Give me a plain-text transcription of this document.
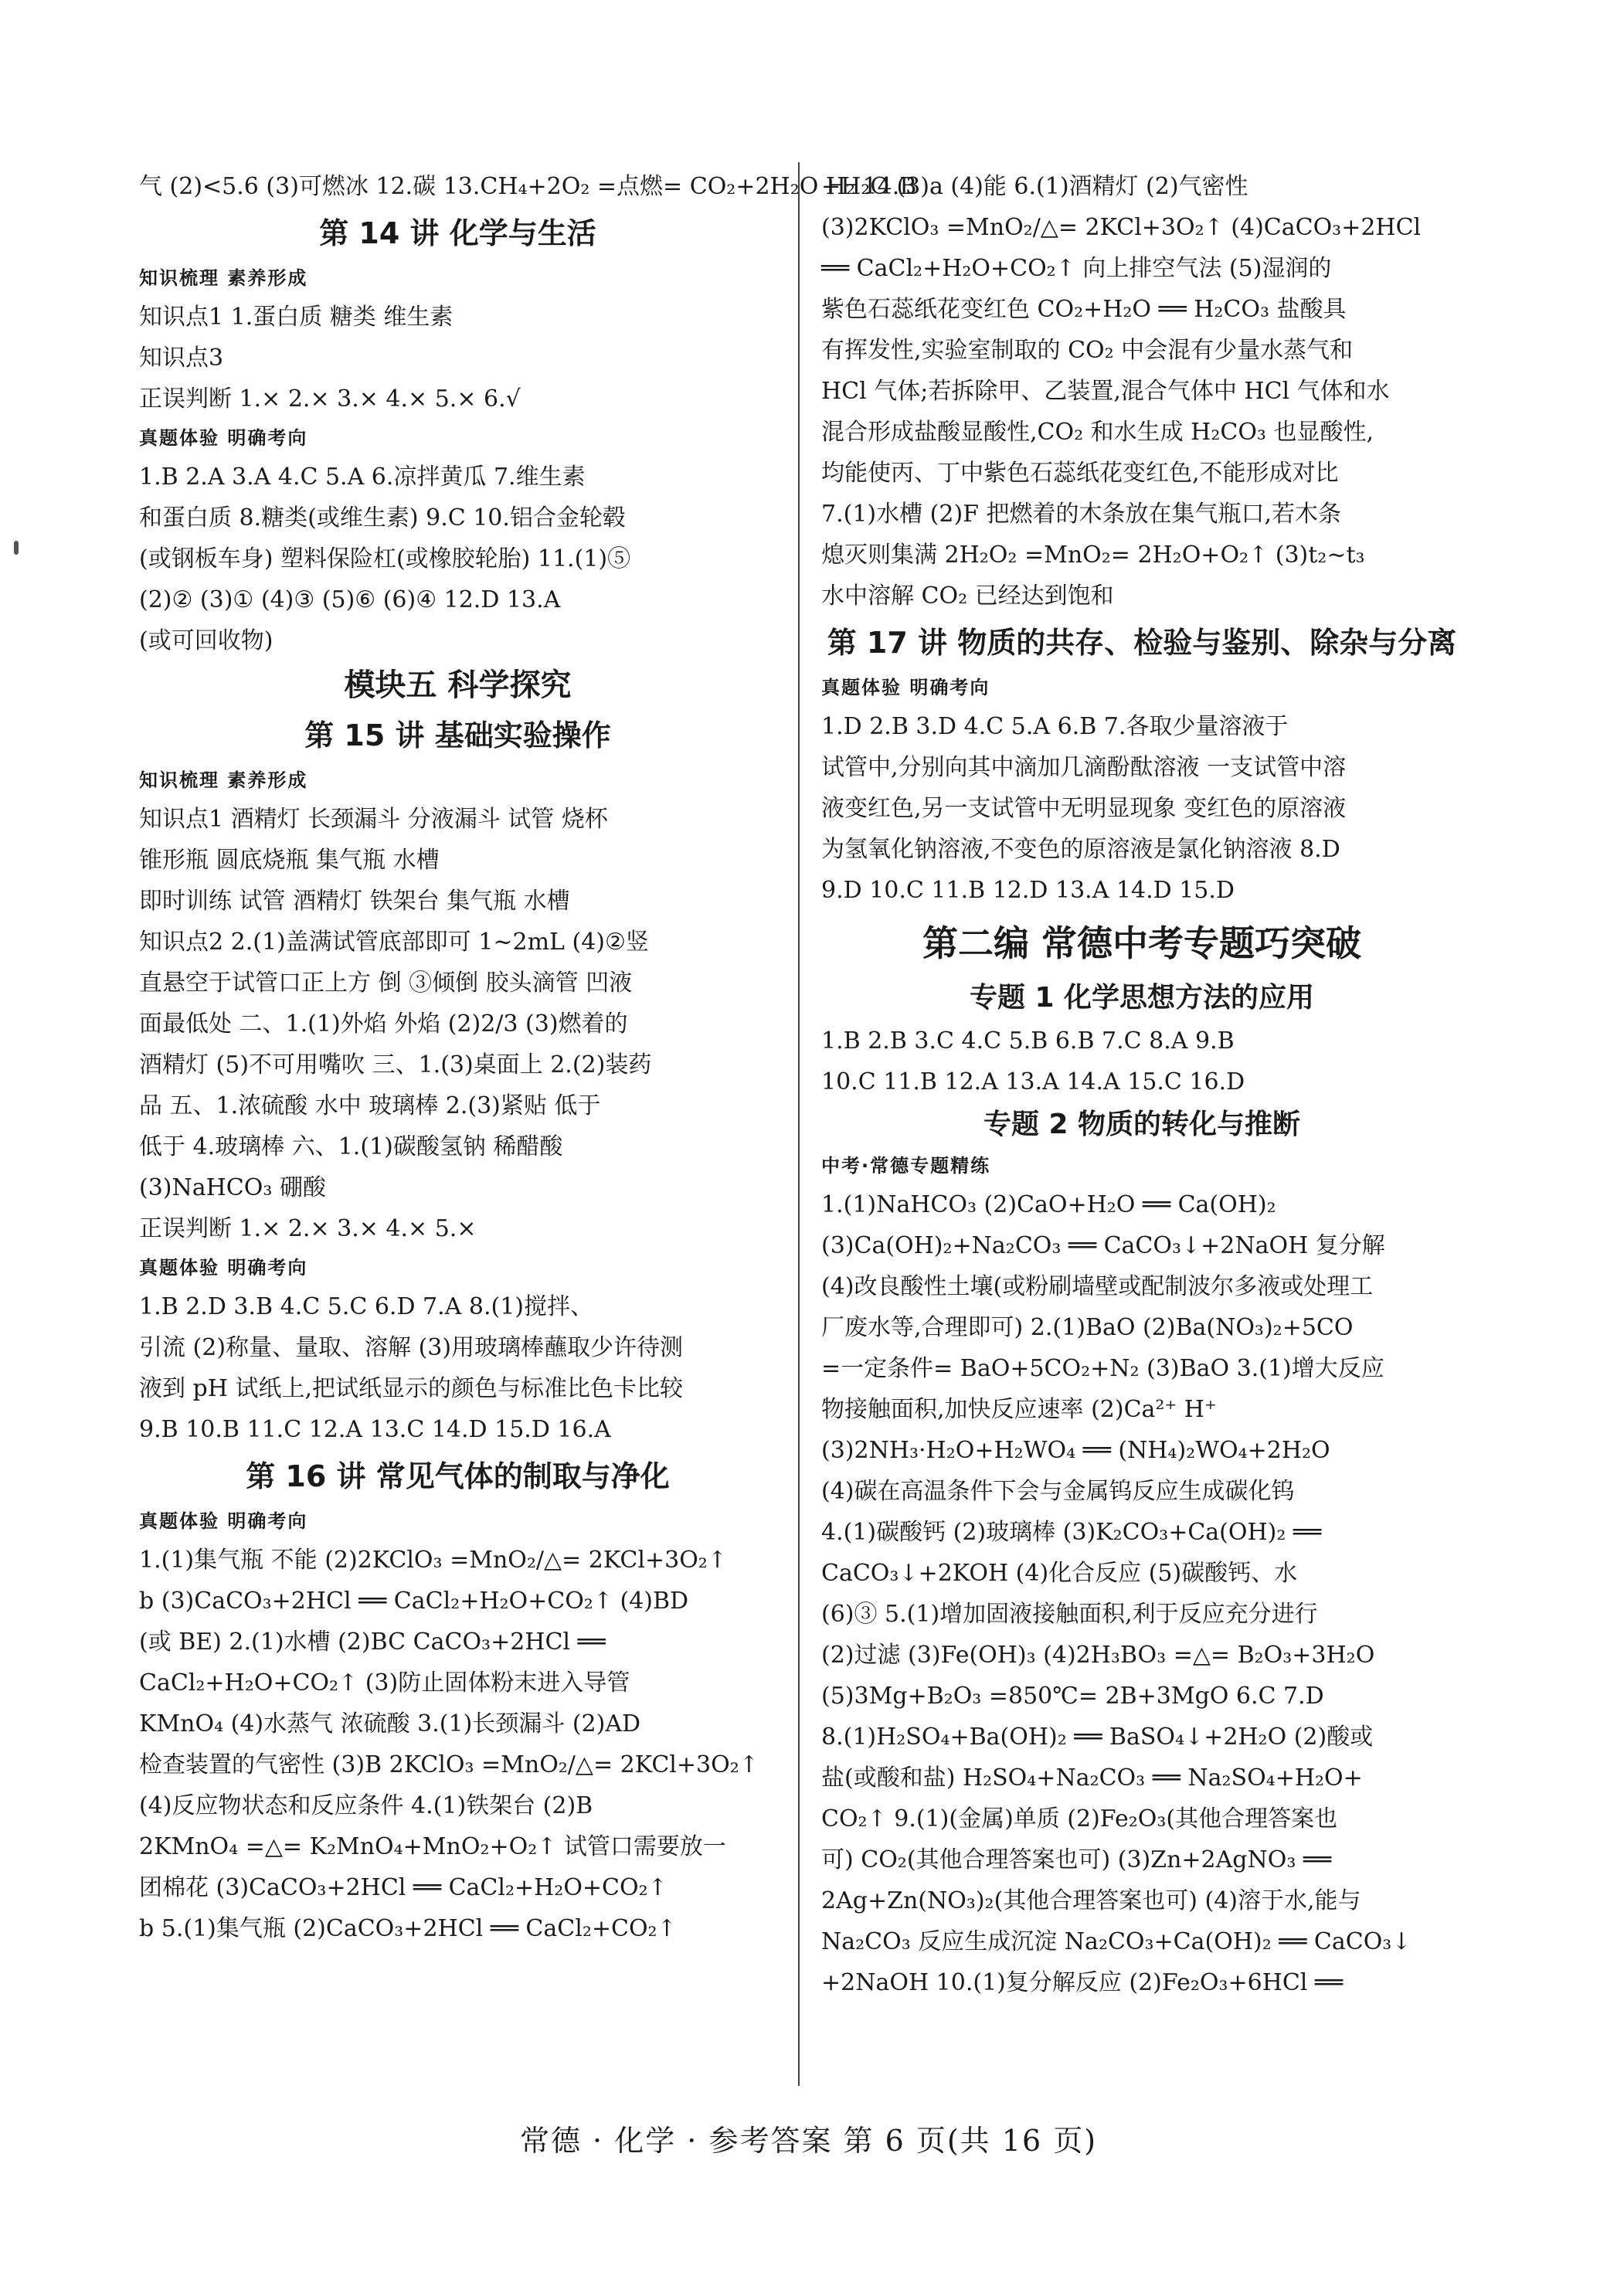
气 (2)<5.6 (3)可燃冰 12.碳 13.CH₄+2O₂ =点燃= CO₂+2H₂O H₂ 14.B
第 14 讲 化学与生活
知识梳理 素养形成
知识点1 1.蛋白质 糖类 维生素
知识点3
正误判断 1.× 2.× 3.× 4.× 5.× 6.√
真题体验 明确考向
1.B 2.A 3.A 4.C 5.A 6.凉拌黄瓜 7.维生素
和蛋白质 8.糖类(或维生素) 9.C 10.铝合金轮毂
(或钢板车身) 塑料保险杠(或橡胶轮胎) 11.(1)⑤
(2)② (3)① (4)③ (5)⑥ (6)④ 12.D 13.A
(或可回收物)
模块五 科学探究
第 15 讲 基础实验操作
知识梳理 素养形成
知识点1 酒精灯 长颈漏斗 分液漏斗 试管 烧杯
锥形瓶 圆底烧瓶 集气瓶 水槽
即时训练 试管 酒精灯 铁架台 集气瓶 水槽
知识点2 2.(1)盖满试管底部即可 1~2mL (4)②竖
直悬空于试管口正上方 倒 ③倾倒 胶头滴管 凹液
面最低处 二、1.(1)外焰 外焰 (2)2/3 (3)燃着的
酒精灯 (5)不可用嘴吹 三、1.(3)桌面上 2.(2)装药
品 五、1.浓硫酸 水中 玻璃棒 2.(3)紧贴 低于
低于 4.玻璃棒 六、1.(1)碳酸氢钠 稀醋酸
(3)NaHCO₃ 硼酸
正误判断 1.× 2.× 3.× 4.× 5.×
真题体验 明确考向
1.B 2.D 3.B 4.C 5.C 6.D 7.A 8.(1)搅拌、
引流 (2)称量、量取、溶解 (3)用玻璃棒蘸取少许待测
液到 pH 试纸上,把试纸显示的颜色与标准比色卡比较
9.B 10.B 11.C 12.A 13.C 14.D 15.D 16.A
第 16 讲 常见气体的制取与净化
真题体验 明确考向
1.(1)集气瓶 不能 (2)2KClO₃ =MnO₂/△= 2KCl+3O₂↑
b (3)CaCO₃+2HCl ══ CaCl₂+H₂O+CO₂↑ (4)BD
(或 BE) 2.(1)水槽 (2)BC CaCO₃+2HCl ══
CaCl₂+H₂O+CO₂↑ (3)防止固体粉末进入导管
KMnO₄ (4)水蒸气 浓硫酸 3.(1)长颈漏斗 (2)AD
检查装置的气密性 (3)B 2KClO₃ =MnO₂/△= 2KCl+3O₂↑
(4)反应物状态和反应条件 4.(1)铁架台 (2)B
2KMnO₄ =△= K₂MnO₄+MnO₂+O₂↑ 试管口需要放一
团棉花 (3)CaCO₃+2HCl ══ CaCl₂+H₂O+CO₂↑
b 5.(1)集气瓶 (2)CaCO₃+2HCl ══ CaCl₂+CO₂↑
+H₂O (3)a (4)能 6.(1)酒精灯 (2)气密性
(3)2KClO₃ =MnO₂/△= 2KCl+3O₂↑ (4)CaCO₃+2HCl
══ CaCl₂+H₂O+CO₂↑ 向上排空气法 (5)湿润的
紫色石蕊纸花变红色 CO₂+H₂O ══ H₂CO₃ 盐酸具
有挥发性,实验室制取的 CO₂ 中会混有少量水蒸气和
HCl 气体;若拆除甲、乙装置,混合气体中 HCl 气体和水
混合形成盐酸显酸性,CO₂ 和水生成 H₂CO₃ 也显酸性,
均能使丙、丁中紫色石蕊纸花变红色,不能形成对比
7.(1)水槽 (2)F 把燃着的木条放在集气瓶口,若木条
熄灭则集满 2H₂O₂ =MnO₂= 2H₂O+O₂↑ (3)t₂~t₃
水中溶解 CO₂ 已经达到饱和
第 17 讲 物质的共存、检验与鉴别、除杂与分离
真题体验 明确考向
1.D 2.B 3.D 4.C 5.A 6.B 7.各取少量溶液于
试管中,分别向其中滴加几滴酚酞溶液 一支试管中溶
液变红色,另一支试管中无明显现象 变红色的原溶液
为氢氧化钠溶液,不变色的原溶液是氯化钠溶液 8.D
9.D 10.C 11.B 12.D 13.A 14.D 15.D
第二编 常德中考专题巧突破
专题 1 化学思想方法的应用
1.B 2.B 3.C 4.C 5.B 6.B 7.C 8.A 9.B
10.C 11.B 12.A 13.A 14.A 15.C 16.D
专题 2 物质的转化与推断
中考·常德专题精练
1.(1)NaHCO₃ (2)CaO+H₂O ══ Ca(OH)₂
(3)Ca(OH)₂+Na₂CO₃ ══ CaCO₃↓+2NaOH 复分解
(4)改良酸性土壤(或粉刷墙壁或配制波尔多液或处理工
厂废水等,合理即可) 2.(1)BaO (2)Ba(NO₃)₂+5CO
=一定条件= BaO+5CO₂+N₂ (3)BaO 3.(1)增大反应
物接触面积,加快反应速率 (2)Ca²⁺ H⁺
(3)2NH₃·H₂O+H₂WO₄ ══ (NH₄)₂WO₄+2H₂O
(4)碳在高温条件下会与金属钨反应生成碳化钨
4.(1)碳酸钙 (2)玻璃棒 (3)K₂CO₃+Ca(OH)₂ ══
CaCO₃↓+2KOH (4)化合反应 (5)碳酸钙、水
(6)③ 5.(1)增加固液接触面积,利于反应充分进行
(2)过滤 (3)Fe(OH)₃ (4)2H₃BO₃ =△= B₂O₃+3H₂O
(5)3Mg+B₂O₃ =850℃= 2B+3MgO 6.C 7.D
8.(1)H₂SO₄+Ba(OH)₂ ══ BaSO₄↓+2H₂O (2)酸或
盐(或酸和盐) H₂SO₄+Na₂CO₃ ══ Na₂SO₄+H₂O+
CO₂↑ 9.(1)(金属)单质 (2)Fe₂O₃(其他合理答案也
可) CO₂(其他合理答案也可) (3)Zn+2AgNO₃ ══
2Ag+Zn(NO₃)₂(其他合理答案也可) (4)溶于水,能与
Na₂CO₃ 反应生成沉淀 Na₂CO₃+Ca(OH)₂ ══ CaCO₃↓
+2NaOH 10.(1)复分解反应 (2)Fe₂O₃+6HCl ══
常德 · 化学 · 参考答案 第 6 页(共 16 页)
